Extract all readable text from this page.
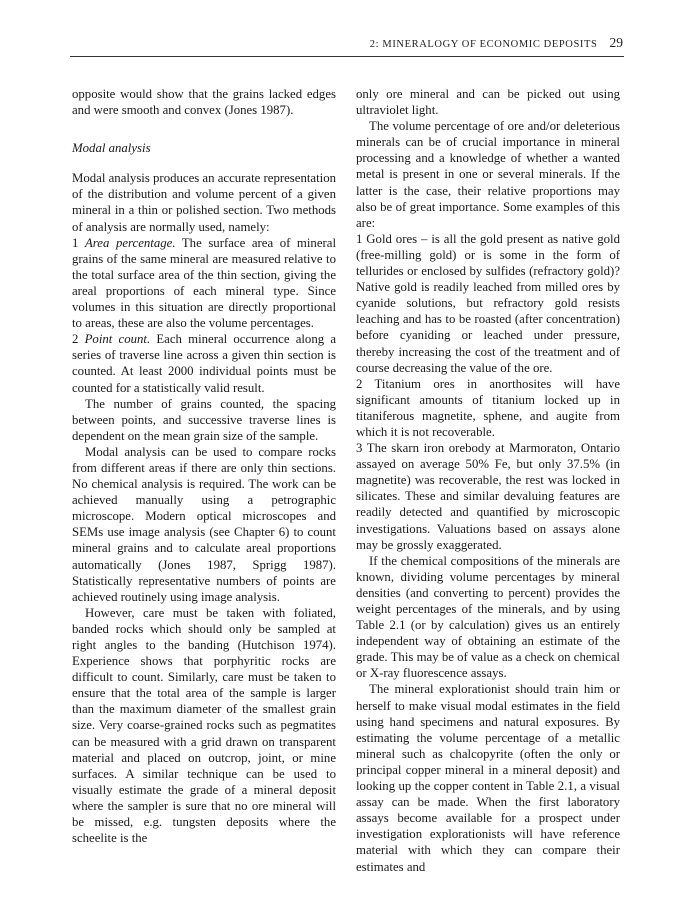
2: MINERALOGY OF ECONOMIC DEPOSITS 29

opposite would show that the grains lacked edges and were smooth and convex (Jones 1987).

Modal analysis

Modal analysis produces an accurate representation of the distribution and volume percent of a given mineral in a thin or polished section. Two methods of analysis are normally used, namely:

1 Area percentage. The surface area of mineral grains of the same mineral are measured relative to the total surface area of the thin section, giving the areal proportions of each mineral type. Since volumes in this situation are directly proportional to areas, these are also the volume percentages.

2 Point count. Each mineral occurrence along a series of traverse line across a given thin section is counted. At least 2000 individual points must be counted for a statistically valid result.

The number of grains counted, the spacing between points, and successive traverse lines is dependent on the mean grain size of the sample.

Modal analysis can be used to compare rocks from different areas if there are only thin sections. No chemical analysis is required. The work can be achieved manually using a petrographic microscope. Modern optical microscopes and SEMs use image analysis (see Chapter 6) to count mineral grains and to calculate areal proportions automatically (Jones 1987, Sprigg 1987). Statistically representative numbers of points are achieved routinely using image analysis.

However, care must be taken with foliated, banded rocks which should only be sampled at right angles to the banding (Hutchison 1974). Experience shows that porphyritic rocks are difficult to count. Similarly, care must be taken to ensure that the total area of the sample is larger than the maximum diameter of the smallest grain size. Very coarse-grained rocks such as pegmatites can be measured with a grid drawn on transparent material and placed on outcrop, joint, or mine surfaces. A similar technique can be used to visually estimate the grade of a mineral deposit where the sampler is sure that no ore mineral will be missed, e.g. tungsten deposits where the scheelite is the

only ore mineral and can be picked out using ultraviolet light.

The volume percentage of ore and/or deleterious minerals can be of crucial importance in mineral processing and a knowledge of whether a wanted metal is present in one or several minerals. If the latter is the case, their relative proportions may also be of great importance. Some examples of this are:

1 Gold ores – is all the gold present as native gold (free-milling gold) or is some in the form of tellurides or enclosed by sulfides (refractory gold)? Native gold is readily leached from milled ores by cyanide solutions, but refractory gold resists leaching and has to be roasted (after concentration) before cyaniding or leached under pressure, thereby increasing the cost of the treatment and of course decreasing the value of the ore.

2 Titanium ores in anorthosites will have significant amounts of titanium locked up in titaniferous magnetite, sphene, and augite from which it is not recoverable.

3 The skarn iron orebody at Marmoraton, Ontario assayed on average 50% Fe, but only 37.5% (in magnetite) was recoverable, the rest was locked in silicates. These and similar devaluing features are readily detected and quantified by microscopic investigations. Valuations based on assays alone may be grossly exaggerated.

If the chemical compositions of the minerals are known, dividing volume percentages by mineral densities (and converting to percent) provides the weight percentages of the minerals, and by using Table 2.1 (or by calculation) gives us an entirely independent way of obtaining an estimate of the grade. This may be of value as a check on chemical or X-ray fluorescence assays.

The mineral explorationist should train him or herself to make visual modal estimates in the field using hand specimens and natural exposures. By estimating the volume percentage of a metallic mineral such as chalcopyrite (often the only or principal copper mineral in a mineral deposit) and looking up the copper content in Table 2.1, a visual assay can be made. When the first laboratory assays become available for a prospect under investigation explorationists will have reference material with which they can compare their estimates and
